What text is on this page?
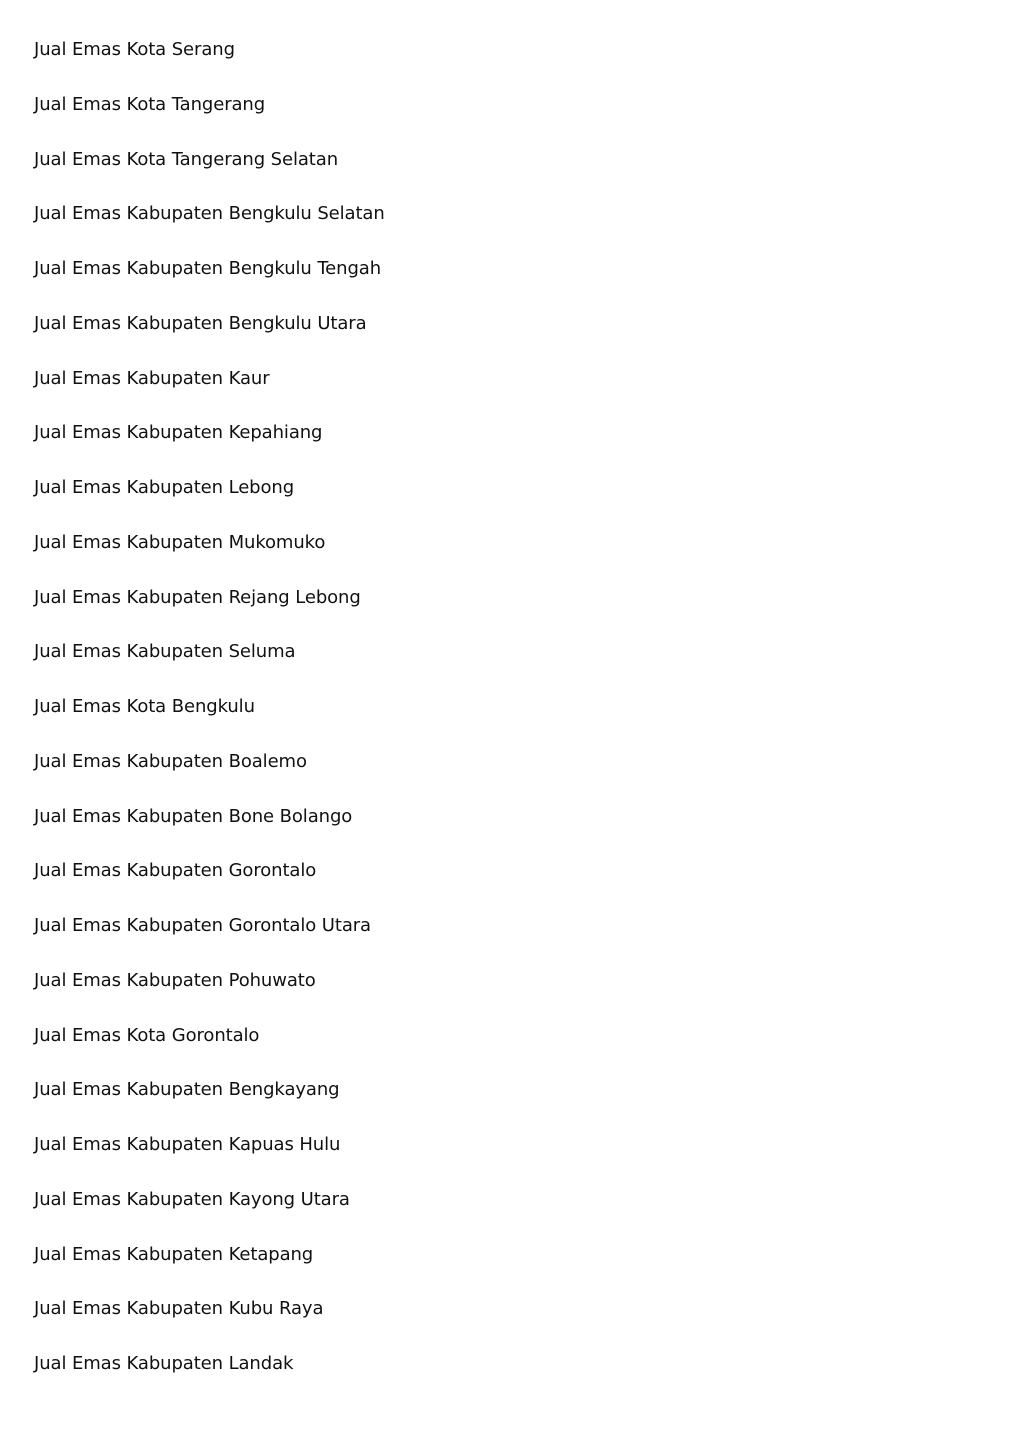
Jual Emas Kota Serang
Jual Emas Kota Tangerang
Jual Emas Kota Tangerang Selatan
Jual Emas Kabupaten Bengkulu Selatan
Jual Emas Kabupaten Bengkulu Tengah
Jual Emas Kabupaten Bengkulu Utara
Jual Emas Kabupaten Kaur
Jual Emas Kabupaten Kepahiang
Jual Emas Kabupaten Lebong
Jual Emas Kabupaten Mukomuko
Jual Emas Kabupaten Rejang Lebong
Jual Emas Kabupaten Seluma
Jual Emas Kota Bengkulu
Jual Emas Kabupaten Boalemo
Jual Emas Kabupaten Bone Bolango
Jual Emas Kabupaten Gorontalo
Jual Emas Kabupaten Gorontalo Utara
Jual Emas Kabupaten Pohuwato
Jual Emas Kota Gorontalo
Jual Emas Kabupaten Bengkayang
Jual Emas Kabupaten Kapuas Hulu
Jual Emas Kabupaten Kayong Utara
Jual Emas Kabupaten Ketapang
Jual Emas Kabupaten Kubu Raya
Jual Emas Kabupaten Landak
